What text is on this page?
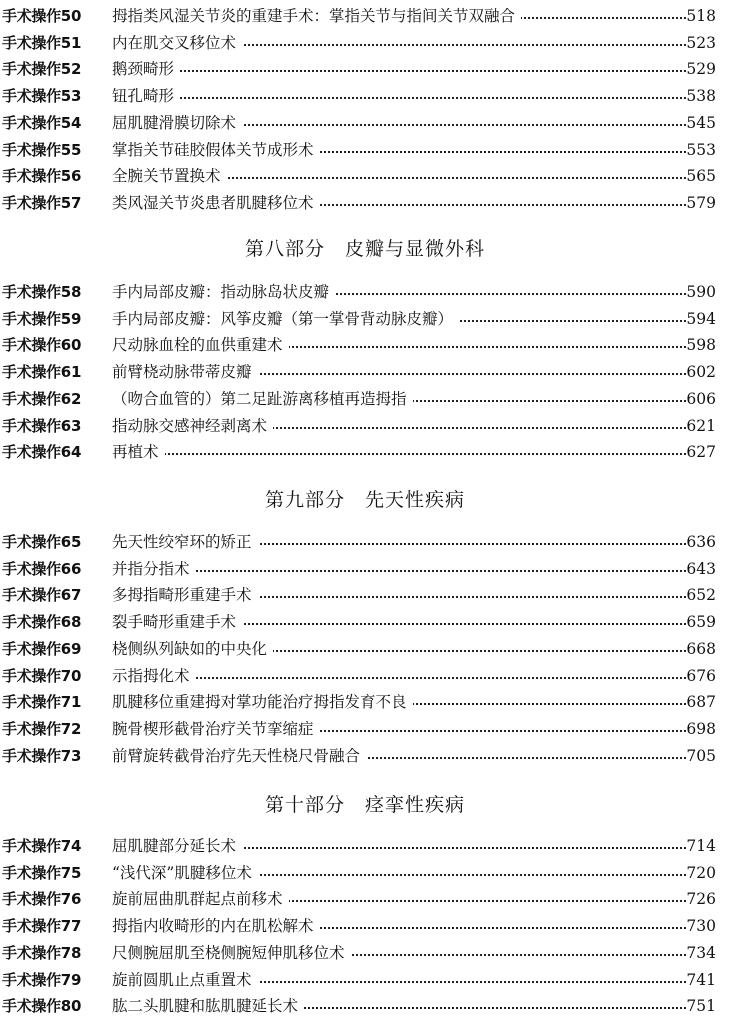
手术操作50 拇指类风湿关节炎的重建手术：掌指关节与指间关节双融合	518
手术操作51 内在肌交叉移位术	523
手术操作52 鹅颈畸形	529
手术操作53 钮孔畸形	538
手术操作54 屈肌腱滑膜切除术	545
手术操作55 掌指关节硅胶假体关节成形术	553
手术操作56 全腕关节置换术	565
手术操作57 类风湿关节炎患者肌腱移位术	579
第八部分　皮瓣与显微外科
手术操作58 手内局部皮瓣：指动脉岛状皮瓣	590
手术操作59 手内局部皮瓣：风筝皮瓣（第一掌骨背动脉皮瓣）	594
手术操作60 尺动脉血栓的血供重建术	598
手术操作61 前臂桡动脉带蒂皮瓣	602
手术操作62 （吻合血管的）第二足趾游离移植再造拇指	606
手术操作63 指动脉交感神经剥离术	621
手术操作64 再植术	627
第九部分　先天性疾病
手术操作65 先天性绞窄环的矫正	636
手术操作66 并指分指术	643
手术操作67 多拇指畸形重建手术	652
手术操作68 裂手畸形重建手术	659
手术操作69 桡侧纵列缺如的中央化	668
手术操作70 示指拇化术	676
手术操作71 肌腱移位重建拇对掌功能治疗拇指发育不良	687
手术操作72 腕骨楔形截骨治疗关节挛缩症	698
手术操作73 前臂旋转截骨治疗先天性桡尺骨融合	705
第十部分　痉挛性疾病
手术操作74 屈肌腱部分延长术	714
手术操作75 “浅代深”肌腱移位术	720
手术操作76 旋前屈曲肌群起点前移术	726
手术操作77 拇指内收畸形的内在肌松解术	730
手术操作78 尺侧腕屈肌至桡侧腕短伸肌移位术	734
手术操作79 旋前圆肌止点重置术	741
手术操作80 肱二头肌腱和肱肌腱延长术	751
